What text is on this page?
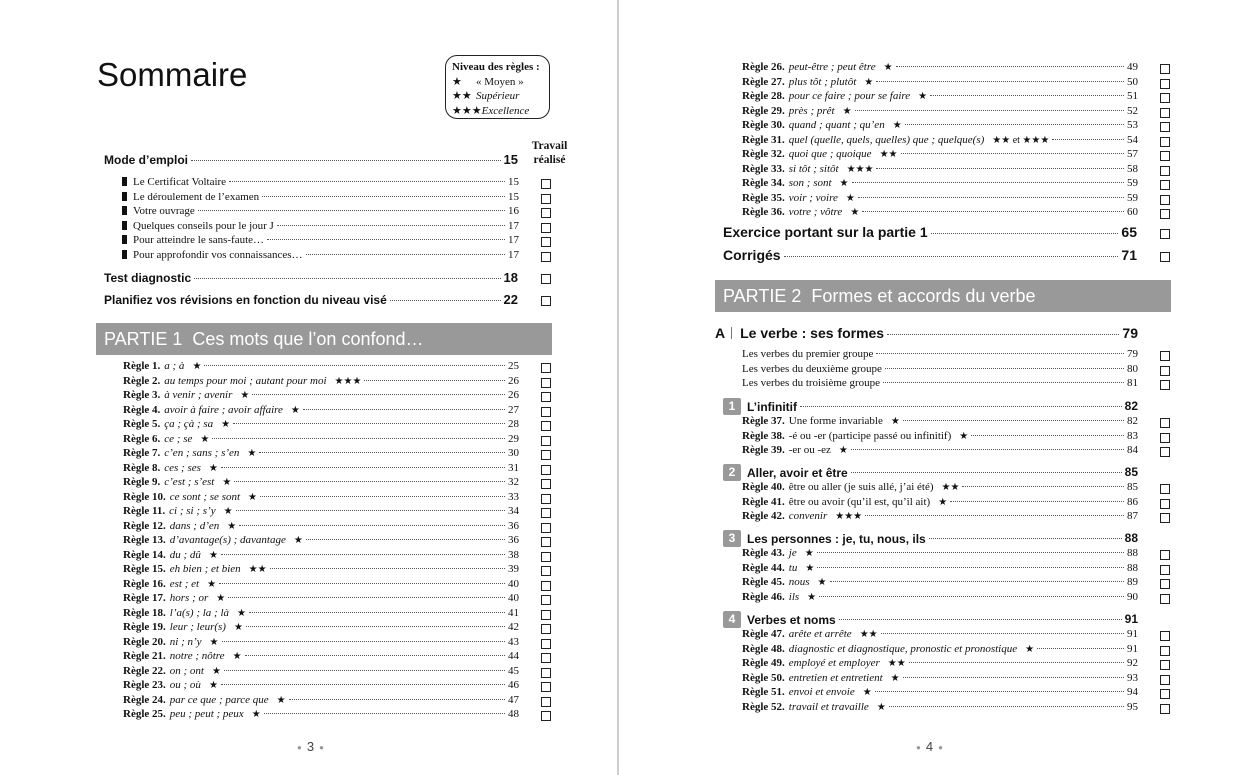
Sommaire	Niveau des règles :
★ « Moyen »
★★ Supérieur
★★★Excellence
Travail
réalisé
Mode d’emploi	15
Le Certificat Voltaire	15
Le déroulement de l’examen	15
Votre ouvrage	16
Quelques conseils pour le jour J	17
Pour atteindre le sans-faute…	17
Pour approfondir vos connaissances…	17
Test diagnostic	18
Planifiez vos révisions en fonction du niveau visé	22
PARTIE 1 Ces mots que l’on confond…
Règle 1. a ; à ★	25
Règle 2. au temps pour moi ; autant pour moi ★★★	26
Règle 3. à venir ; avenir ★	26
Règle 4. avoir à faire ; avoir affaire ★	27
Règle 5. ça ; çà ; sa ★	28
Règle 6. ce ; se ★	29
Règle 7. c’en ; sans ; s’en ★	30
Règle 8. ces ; ses ★	31
Règle 9. c’est ; s’est ★	32
Règle 10. ce sont ; se sont ★	33
Règle 11. ci ; si ; s’y ★	34
Règle 12. dans ; d’en ★	36
Règle 13. d’avantage(s) ; davantage ★	36
Règle 14. du ; dû ★	38
Règle 15. eh bien ; et bien ★★	39
Règle 16. est ; et ★	40
Règle 17. hors ; or ★	40
Règle 18. l’a(s) ; la ; là ★	41
Règle 19. leur ; leur(s) ★	42
Règle 20. ni ; n’y ★	43
Règle 21. notre ; nôtre ★	44
Règle 22. on ; ont ★	45
Règle 23. ou ; où ★	46
Règle 24. par ce que ; parce que ★	47
Règle 25. peu ; peut ; peux ★	48
● 3 ●
Règle 26. peut-être ; peut être ★	49
Règle 27. plus tôt ; plutôt ★	50
Règle 28. pour ce faire ; pour se faire ★	51
Règle 29. près ; prêt ★	52
Règle 30. quand ; quant ; qu’en ★	53
Règle 31. quel (quelle, quels, quelles) que ; quelque(s) ★★ et ★★★	54
Règle 32. quoi que ; quoique ★★	57
Règle 33. si tôt ; sitôt ★★★	58
Règle 34. son ; sont ★	59
Règle 35. voir ; voire ★	59
Règle 36. votre ; vôtre ★	60
Exercice portant sur la partie 1	65
Corrigés	71
PARTIE 2 Formes et accords du verbe
A Le verbe : ses formes	79
Les verbes du premier groupe	79
Les verbes du deuxième groupe	80
Les verbes du troisième groupe	81
1 L’infinitif	82
Règle 37. Une forme invariable ★	82
Règle 38. -é ou -er (participe passé ou infinitif) ★	83
Règle 39. -er ou -ez ★	84
2 Aller, avoir et être	85
Règle 40. être ou aller (je suis allé, j’ai été) ★★	85
Règle 41. être ou avoir (qu’il est, qu’il ait) ★	86
Règle 42. convenir ★★★	87
3 Les personnes : je, tu, nous, ils	88
Règle 43. je ★	88
Règle 44. tu ★	88
Règle 45. nous ★	89
Règle 46. ils ★	90
4 Verbes et noms	91
Règle 47. arête et arrête ★★	91
Règle 48. diagnostic et diagnostique, pronostic et pronostique ★	91
Règle 49. employé et employer ★★	92
Règle 50. entretien et entretient ★	93
Règle 51. envoi et envoie ★	94
Règle 52. travail et travaille ★	95
● 4 ●
